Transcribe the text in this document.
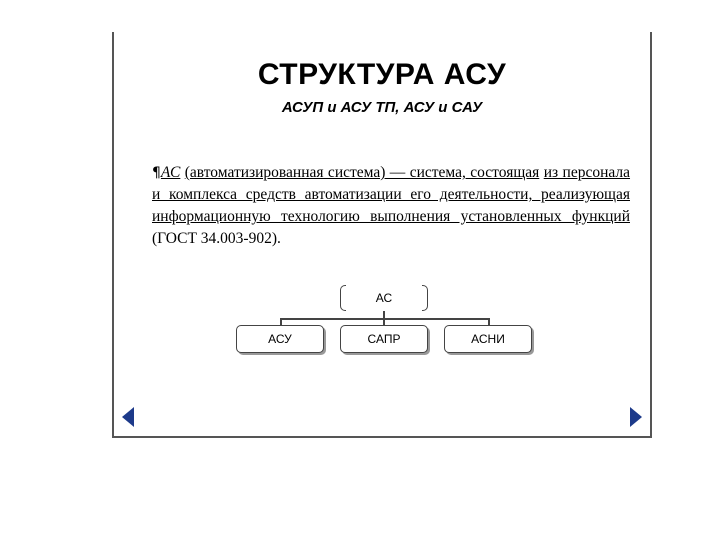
СТРУКТУРА АСУ
АСУП и АСУ ТП, АСУ и САУ
¶АС (автоматизированная система) — система, состоящая из персонала и комплекса средств автоматизации его деятельности, реализующая информационную технологию выполнения установленных функций (ГОСТ 34.003-902).
АС
АСУ	САПР	АСНИ
